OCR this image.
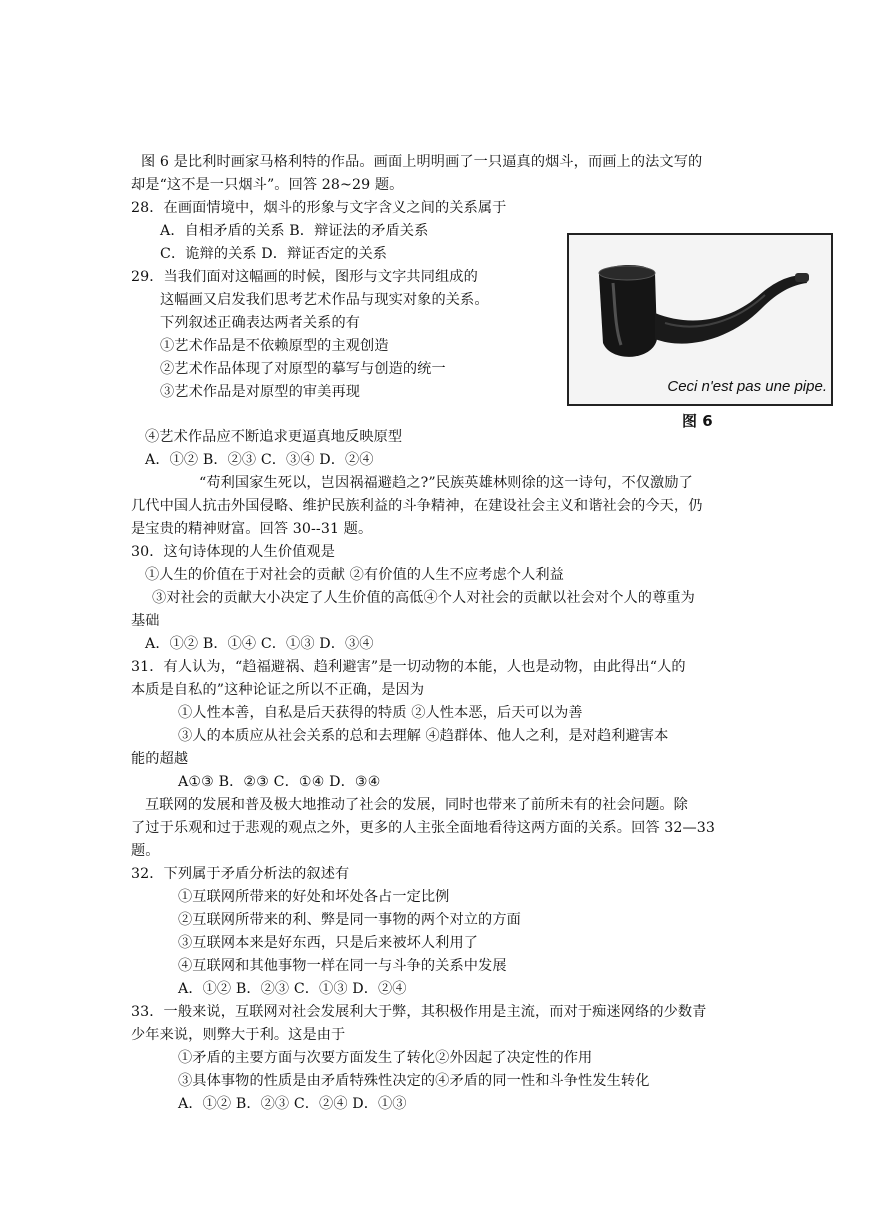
图 6 是比利时画家马格利特的作品。画面上明明画了一只逼真的烟斗，而画上的法文写的
却是“这不是一只烟斗”。回答 28~29 题。
28．在画面情境中，烟斗的形象与文字含义之间的关系属于
A．自相矛盾的关系 B．辩证法的矛盾关系
C．诡辩的关系 D．辩证否定的关系
29．当我们面对这幅画的时候，图形与文字共同组成的
这幅画又启发我们思考艺术作品与现实对象的关系。
下列叙述正确表达两者关系的有
①艺术作品是不依赖原型的主观创造
②艺术作品体现了对原型的摹写与创造的统一
③艺术作品是对原型的审美再现
④艺术作品应不断追求更逼真地反映原型
A．①② B．②③ C．③④ D．②④
“苟利国家生死以，岂因祸福避趋之?”民族英雄林则徐的这一诗句，不仅激励了
几代中国人抗击外国侵略、维护民族利益的斗争精神，在建设社会主义和谐社会的今天，仍
是宝贵的精神财富。回答 30--31 题。
30．这句诗体现的人生价值观是
①人生的价值在于对社会的贡献 ②有价值的人生不应考虑个人利益
③对社会的贡献大小决定了人生价值的高低④个人对社会的贡献以社会对个人的尊重为
基础
A．①② B．①④ C．①③ D．③④
31．有人认为，“趋福避祸、趋利避害”是一切动物的本能，人也是动物，由此得出“人的
本质是自私的”这种论证之所以不正确，是因为
①人性本善，自私是后天获得的特质 ②人性本恶，后天可以为善
③人的本质应从社会关系的总和去理解 ④趋群体、他人之利，是对趋利避害本
能的超越
A①③ B．②③ C．①④ D．③④
互联网的发展和普及极大地推动了社会的发展，同时也带来了前所未有的社会问题。除
了过于乐观和过于悲观的观点之外，更多的人主张全面地看待这两方面的关系。回答 32—33
题。
32．下列属于矛盾分析法的叙述有
①互联网所带来的好处和坏处各占一定比例
②互联网所带来的利、弊是同一事物的两个对立的方面
③互联网本来是好东西，只是后来被坏人利用了
④互联网和其他事物一样在同一与斗争的关系中发展
A．①② B．②③ C．①③ D．②④
33．一般来说，互联网对社会发展利大于弊，其积极作用是主流，而对于痴迷网络的少数青
少年来说，则弊大于利。这是由于
①矛盾的主要方面与次要方面发生了转化②外因起了决定性的作用
③具体事物的性质是由矛盾特殊性决定的④矛盾的同一性和斗争性发生转化
A．①② B．②③ C．②④ D．①③
Ceci n'est pas une pipe.
图 6
